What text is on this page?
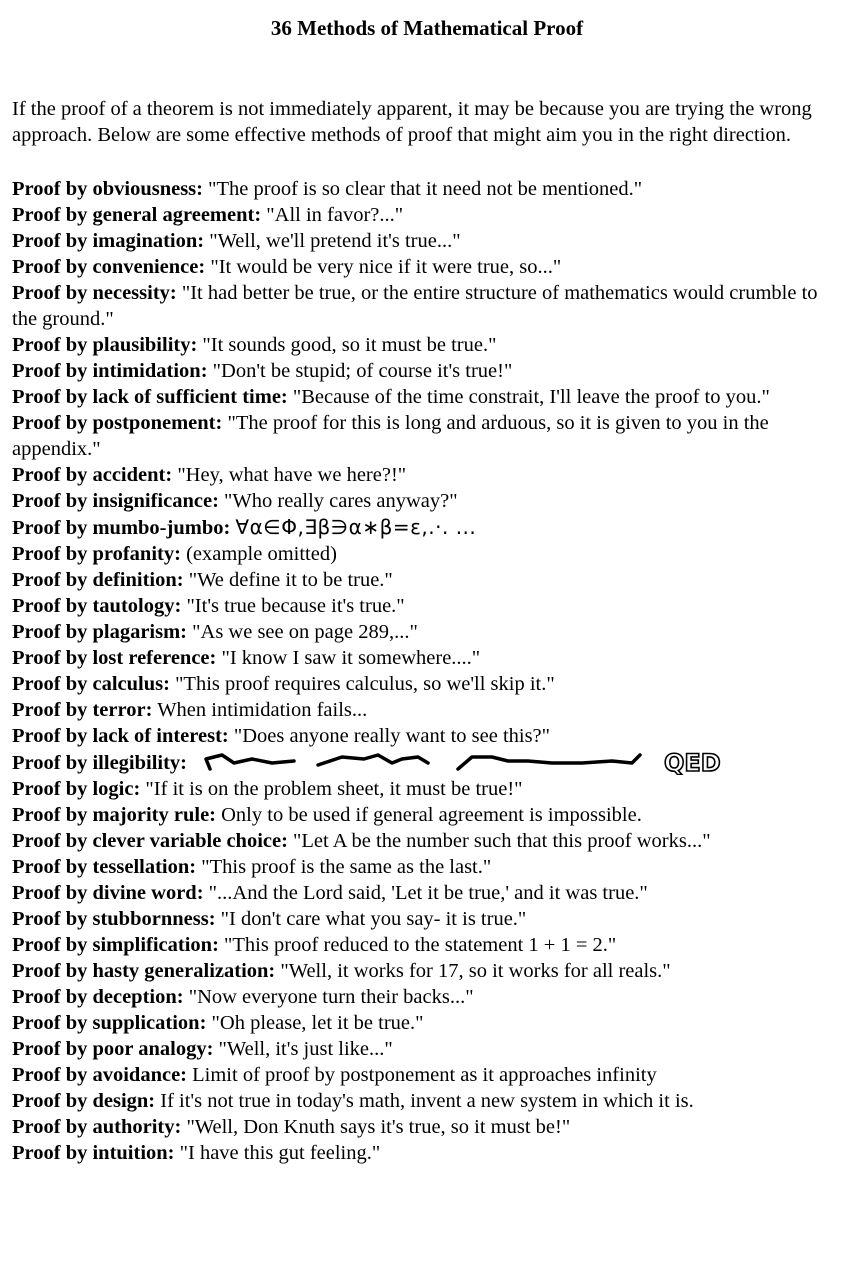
36 Methods of Mathematical Proof

If the proof of a theorem is not immediately apparent, it may be because you are trying the wrong approach. Below are some effective methods of proof that might aim you in the right direction.

Proof by obviousness: "The proof is so clear that it need not be mentioned."
Proof by general agreement: "All in favor?..."
Proof by imagination: "Well, we'll pretend it's true..."
Proof by convenience: "It would be very nice if it were true, so..."
Proof by necessity: "It had better be true, or the entire structure of mathematics would crumble to the ground."
Proof by plausibility: "It sounds good, so it must be true."
Proof by intimidation: "Don't be stupid; of course it's true!"
Proof by lack of sufficient time: "Because of the time constrait, I'll leave the proof to you."
Proof by postponement: "The proof for this is long and arduous, so it is given to you in the appendix."
Proof by accident: "Hey, what have we here?!"
Proof by insignificance: "Who really cares anyway?"
Proof by mumbo-jumbo: ∀α∈Φ,∃β∋α∗β=ε,.·. ...
Proof by profanity: (example omitted)
Proof by definition: "We define it to be true."
Proof by tautology: "It's true because it's true."
Proof by plagarism: "As we see on page 289,..."
Proof by lost reference: "I know I saw it somewhere...."
Proof by calculus: "This proof requires calculus, so we'll skip it."
Proof by terror: When intimidation fails...
Proof by lack of interest: "Does anyone really want to see this?"
Proof by illegibility:	QED
Proof by logic: "If it is on the problem sheet, it must be true!"
Proof by majority rule: Only to be used if general agreement is impossible.
Proof by clever variable choice: "Let A be the number such that this proof works..."
Proof by tessellation: "This proof is the same as the last."
Proof by divine word: "...And the Lord said, 'Let it be true,' and it was true."
Proof by stubbornness: "I don't care what you say- it is true."
Proof by simplification: "This proof reduced to the statement 1 + 1 = 2."
Proof by hasty generalization: "Well, it works for 17, so it works for all reals."
Proof by deception: "Now everyone turn their backs..."
Proof by supplication: "Oh please, let it be true."
Proof by poor analogy: "Well, it's just like..."
Proof by avoidance: Limit of proof by postponement as it approaches infinity
Proof by design: If it's not true in today's math, invent a new system in which it is.
Proof by authority: "Well, Don Knuth says it's true, so it must be!"
Proof by intuition: "I have this gut feeling."
